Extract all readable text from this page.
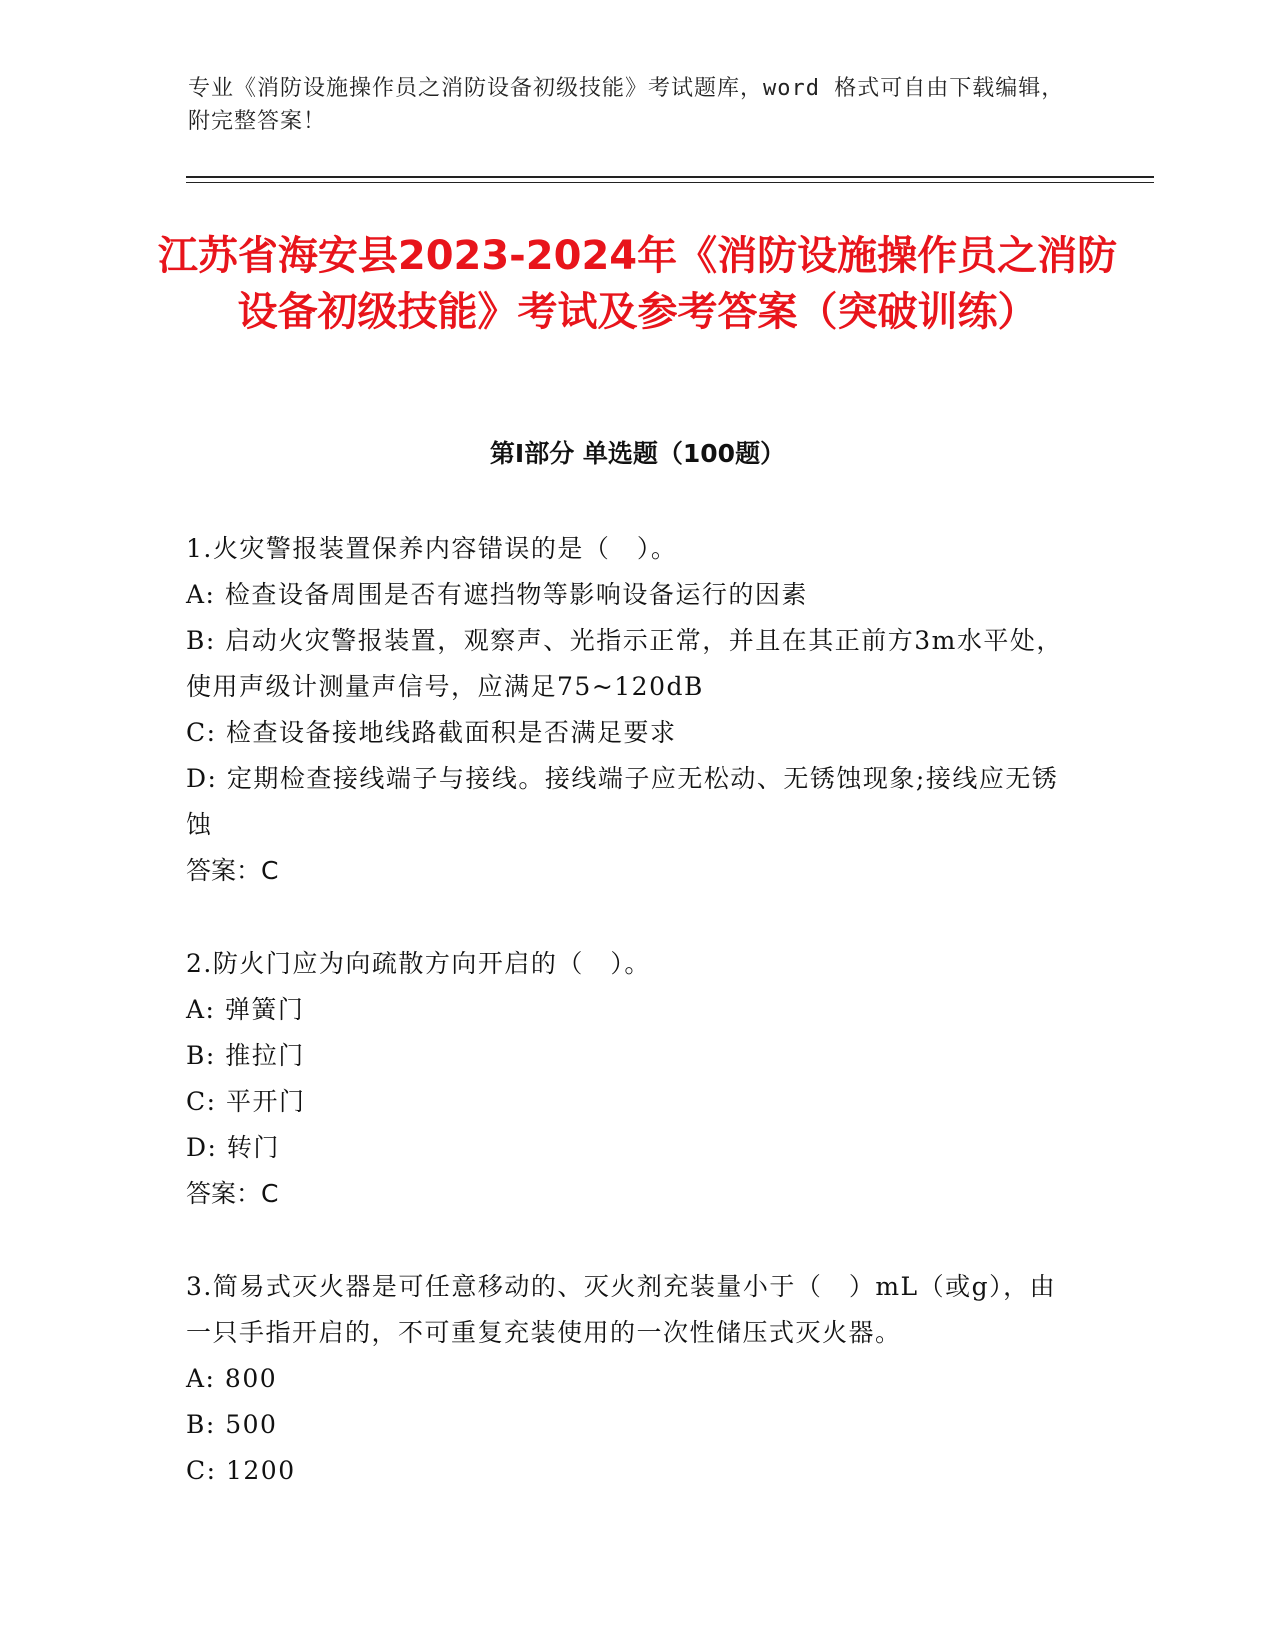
专业《消防设施操作员之消防设备初级技能》考试题库，word 格式可自由下载编辑，附完整答案！
江苏省海安县2023-2024年《消防设施操作员之消防设备初级技能》考试及参考答案（突破训练）
第Ⅰ部分 单选题（100题）
1.火灾警报装置保养内容错误的是（　）。
A: 检查设备周围是否有遮挡物等影响设备运行的因素
B: 启动火灾警报装置，观察声、光指示正常，并且在其正前方3m水平处，使用声级计测量声信号，应满足75~120dB
C: 检查设备接地线路截面积是否满足要求
D: 定期检查接线端子与接线。接线端子应无松动、无锈蚀现象;接线应无锈蚀
答案：C
2.防火门应为向疏散方向开启的（　）。
A: 弹簧门
B: 推拉门
C: 平开门
D: 转门
答案：C
3.简易式灭火器是可任意移动的、灭火剂充装量小于（　）mL（或g），由一只手指开启的，不可重复充装使用的一次性储压式灭火器。
A: 800
B: 500
C: 1200
